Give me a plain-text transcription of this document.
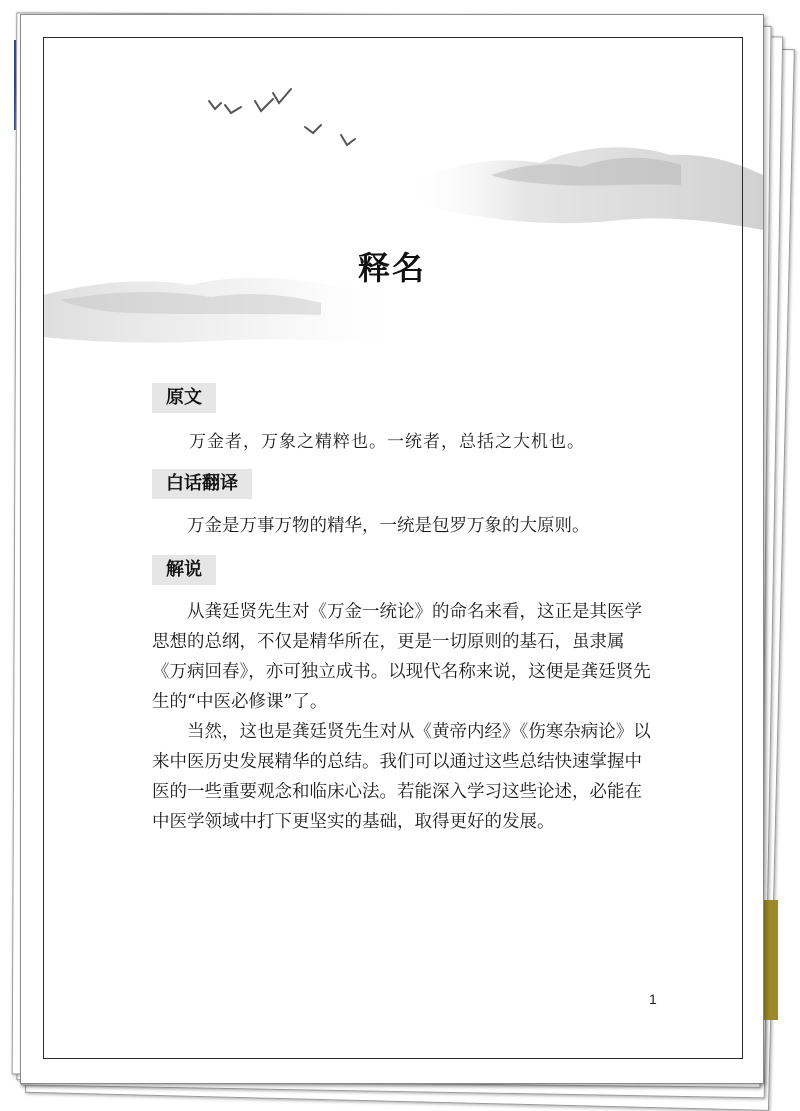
释名
原文
万金者，万象之精粹也。一统者，总括之大机也。
白话翻译

万金是万事万物的精华，一统是包罗万象的大原则。

解说

从龚廷贤先生对《万金一统论》的命名来看，这正是其医学思想的总纲，不仅是精华所在，更是一切原则的基石，虽隶属《万病回春》，亦可独立成书。以现代名称来说，这便是龚廷贤先生的“中医必修课”了。

当然，这也是龚廷贤先生对从《黄帝内经》《伤寒杂病论》以来中医历史发展精华的总结。我们可以通过这些总结快速掌握中医的一些重要观念和临床心法。若能深入学习这些论述，必能在中医学领域中打下更坚实的基础，取得更好的发展。

1
